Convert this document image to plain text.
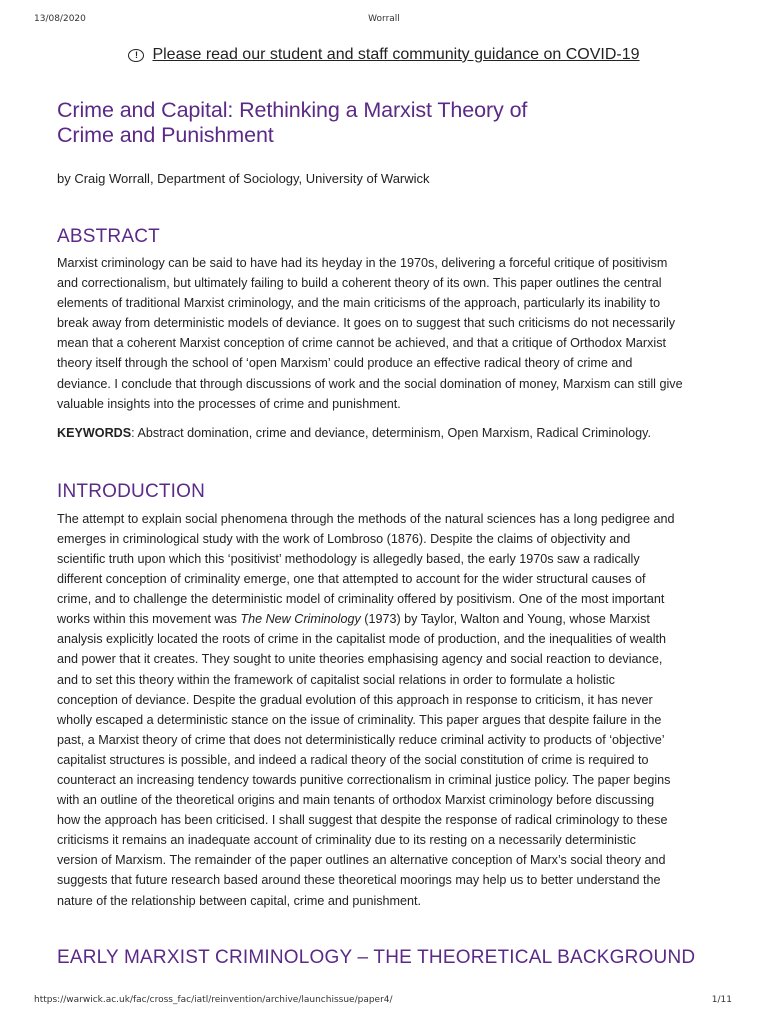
13/08/2020	Worrall
! Please read our student and staff community guidance on COVID-19
Crime and Capital: Rethinking a Marxist Theory of
Crime and Punishment
by Craig Worrall, Department of Sociology, University of Warwick
ABSTRACT

Marxist criminology can be said to have had its heyday in the 1970s, delivering a forceful critique of positivism
and correctionalism, but ultimately failing to build a coherent theory of its own. This paper outlines the central
elements of traditional Marxist criminology, and the main criticisms of the approach, particularly its inability to
break away from deterministic models of deviance. It goes on to suggest that such criticisms do not necessarily
mean that a coherent Marxist conception of crime cannot be achieved, and that a critique of Orthodox Marxist
theory itself through the school of ‘open Marxism’ could produce an effective radical theory of crime and
deviance. I conclude that through discussions of work and the social domination of money, Marxism can still give
valuable insights into the processes of crime and punishment.

KEYWORDS: Abstract domination, crime and deviance, determinism, Open Marxism, Radical Criminology.
INTRODUCTION

The attempt to explain social phenomena through the methods of the natural sciences has a long pedigree and
emerges in criminological study with the work of Lombroso (1876). Despite the claims of objectivity and
scientific truth upon which this ‘positivist’ methodology is allegedly based, the early 1970s saw a radically
different conception of criminality emerge, one that attempted to account for the wider structural causes of
crime, and to challenge the deterministic model of criminality offered by positivism. One of the most important
works within this movement was The New Criminology (1973) by Taylor, Walton and Young, whose Marxist
analysis explicitly located the roots of crime in the capitalist mode of production, and the inequalities of wealth
and power that it creates. They sought to unite theories emphasising agency and social reaction to deviance,
and to set this theory within the framework of capitalist social relations in order to formulate a holistic
conception of deviance. Despite the gradual evolution of this approach in response to criticism, it has never
wholly escaped a deterministic stance on the issue of criminality. This paper argues that despite failure in the
past, a Marxist theory of crime that does not deterministically reduce criminal activity to products of ‘objective’
capitalist structures is possible, and indeed a radical theory of the social constitution of crime is required to
counteract an increasing tendency towards punitive correctionalism in criminal justice policy. The paper begins
with an outline of the theoretical origins and main tenants of orthodox Marxist criminology before discussing
how the approach has been criticised. I shall suggest that despite the response of radical criminology to these
criticisms it remains an inadequate account of criminality due to its resting on a necessarily deterministic
version of Marxism. The remainder of the paper outlines an alternative conception of Marx’s social theory and
suggests that future research based around these theoretical moorings may help us to better understand the
nature of the relationship between capital, crime and punishment.

EARLY MARXIST CRIMINOLOGY – THE THEORETICAL BACKGROUND
https://warwick.ac.uk/fac/cross_fac/iatl/reinvention/archive/launchissue/paper4/	1/11
